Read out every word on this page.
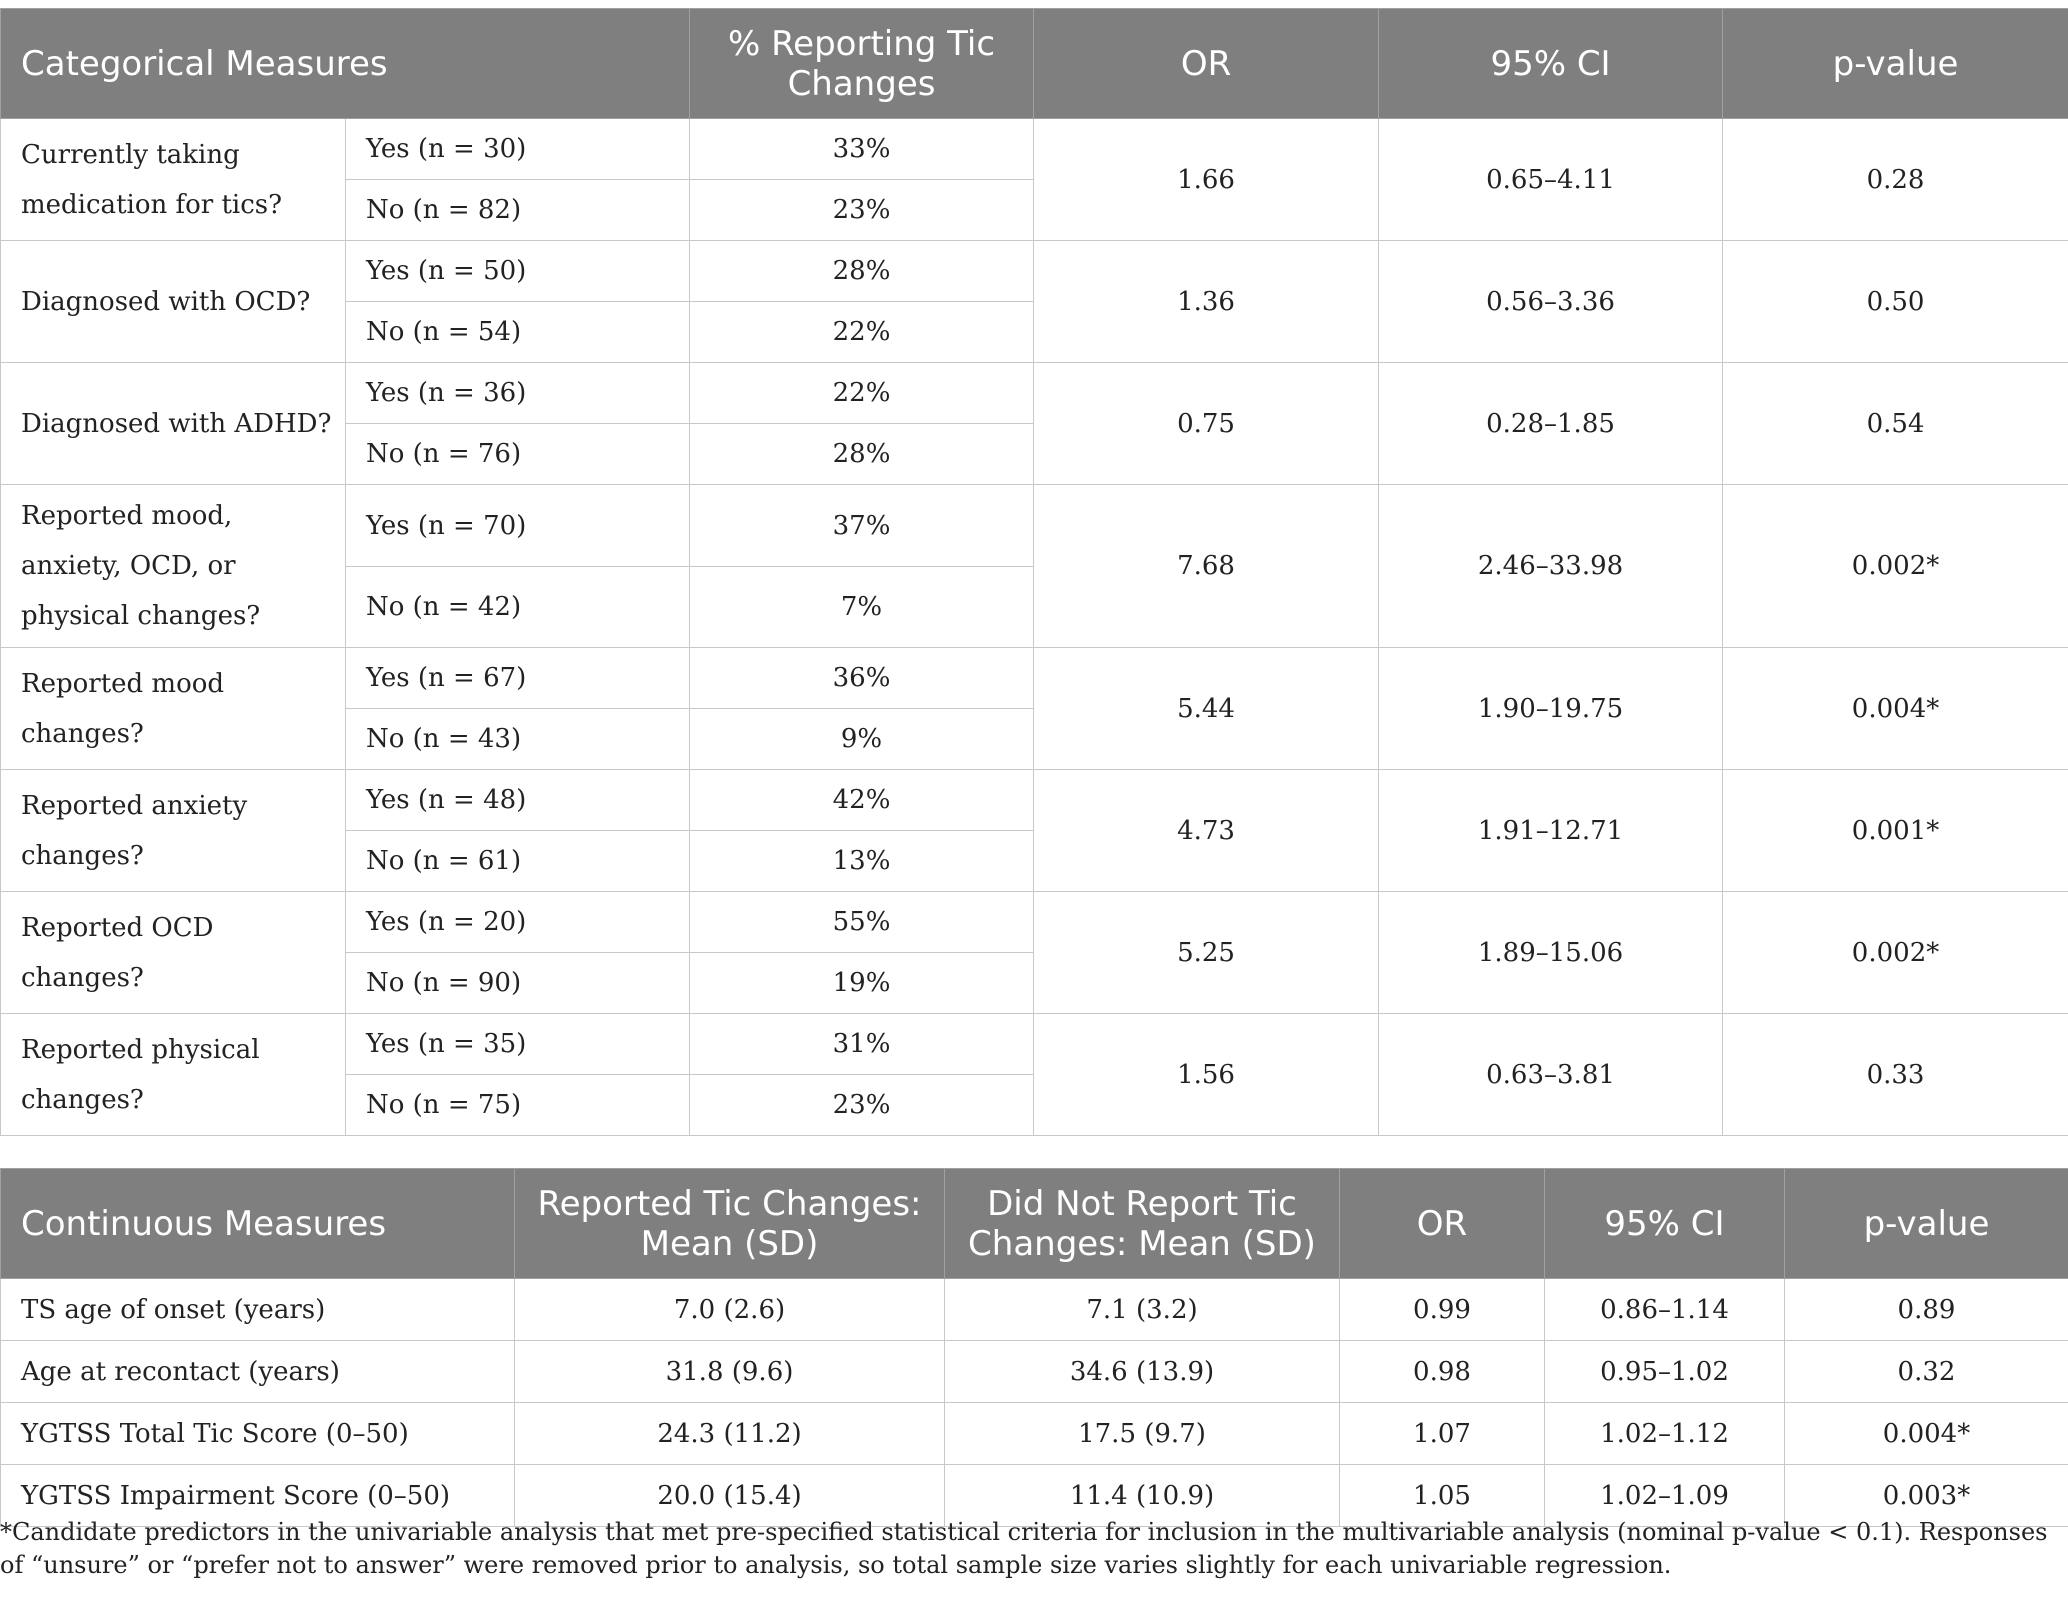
Categorical Measures		% Reporting Tic Changes	OR	95% CI	p-value
Currently taking medication for tics?	Yes (n = 30)	33%	1.66	0.65–4.11	0.28
	No (n = 82)	23%			
Diagnosed with OCD?	Yes (n = 50)	28%	1.36	0.56–3.36	0.50
	No (n = 54)	22%			
Diagnosed with ADHD?	Yes (n = 36)	22%	0.75	0.28–1.85	0.54
	No (n = 76)	28%			
Reported mood, anxiety, OCD, or physical changes?	Yes (n = 70)	37%	7.68	2.46–33.98	0.002*
	No (n = 42)	7%			
Reported mood changes?	Yes (n = 67)	36%	5.44	1.90–19.75	0.004*
	No (n = 43)	9%			
Reported anxiety changes?	Yes (n = 48)	42%	4.73	1.91–12.71	0.001*
	No (n = 61)	13%			
Reported OCD changes?	Yes (n = 20)	55%	5.25	1.89–15.06	0.002*
	No (n = 90)	19%			
Reported physical changes?	Yes (n = 35)	31%	1.56	0.63–3.81	0.33
	No (n = 75)	23%			
Continuous Measures	Reported Tic Changes: Mean (SD)	Did Not Report Tic Changes: Mean (SD)	OR	95% CI	p-value
TS age of onset (years)	7.0 (2.6)	7.1 (3.2)	0.99	0.86–1.14	0.89
Age at recontact (years)	31.8 (9.6)	34.6 (13.9)	0.98	0.95–1.02	0.32
YGTSS Total Tic Score (0–50)	24.3 (11.2)	17.5 (9.7)	1.07	1.02–1.12	0.004*
YGTSS Impairment Score (0–50)	20.0 (15.4)	11.4 (10.9)	1.05	1.02–1.09	0.003*
*Candidate predictors in the univariable analysis that met pre-specified statistical criteria for inclusion in the multivariable analysis (nominal p-value < 0.1). Responses of “unsure” or “prefer not to answer” were removed prior to analysis, so total sample size varies slightly for each univariable regression.
